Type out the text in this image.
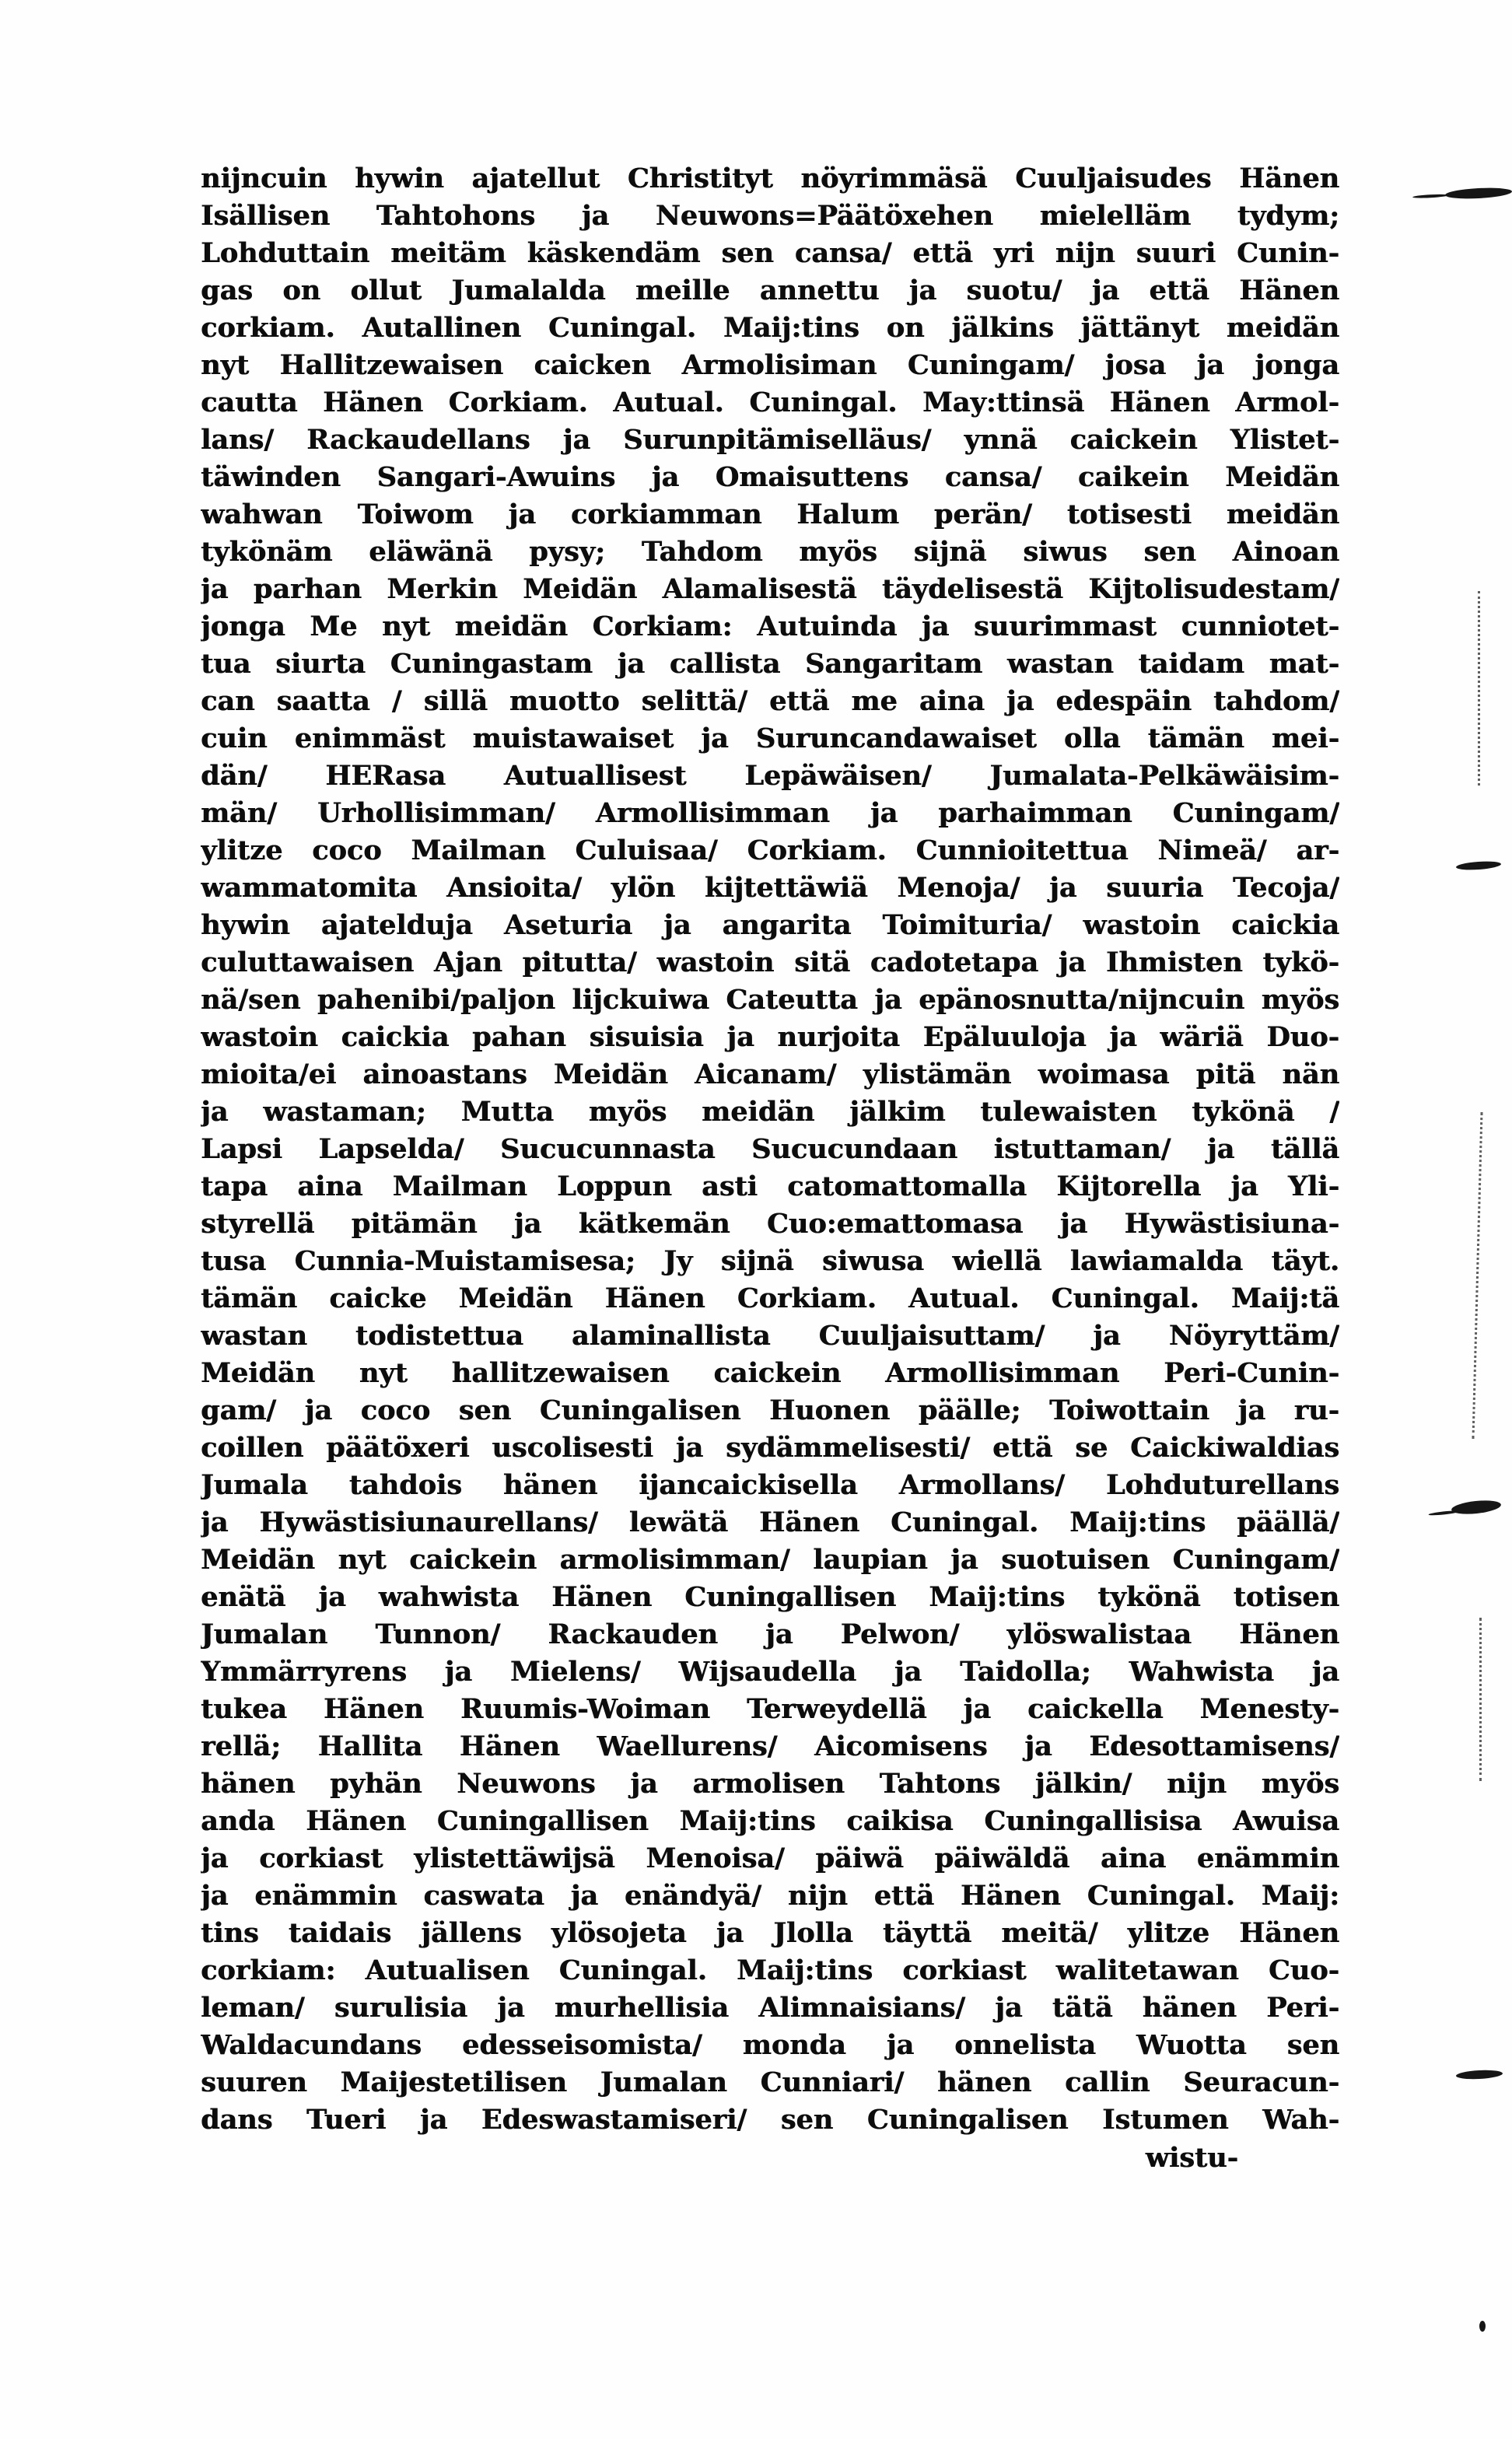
nijncuin hywin ajatellut Christityt nöyrimmäsä Cuuljaisudes Hänen
Isällisen Tahtohons ja Neuwons=Päätöxehen mielelläm tydym;
Lohduttain meitäm käskendäm sen cansa/ että yri nijn suuri Cunin-
gas on ollut Jumalalda meille annettu ja suotu/ ja että Hänen
corkiam. Autallinen Cuningal. Maij:tins on jälkins jättänyt meidän
nyt Hallitzewaisen caicken Armolisiman Cuningam/ josa ja jonga
cautta Hänen Corkiam. Autual. Cuningal. May:ttinsä Hänen Armol-
lans/ Rackaudellans ja Surunpitämiselläus/ ynnä caickein Ylistet-
täwinden Sangari-Awuins ja Omaisuttens cansa/ caikein Meidän
wahwan Toiwom ja corkiamman Halum perän/ totisesti meidän
tykönäm eläwänä pysy; Tahdom myös sijnä siwus sen Ainoan
ja parhan Merkin Meidän Alamalisestä täydelisestä Kijtolisudestam/
jonga Me nyt meidän Corkiam: Autuinda ja suurimmast cunniotet-
tua siurta Cuningastam ja callista Sangaritam wastan taidam mat-
can saatta / sillä muotto selittä/ että me aina ja edespäin tahdom/
cuin enimmäst muistawaiset ja Suruncandawaiset olla tämän mei-
dän/ HERasa Autuallisest Lepäwäisen/ Jumalata-Pelkäwäisim-
män/ Urhollisimman/ Armollisimman ja parhaimman Cuningam/
ylitze coco Mailman Culuisaa/ Corkiam. Cunnioitettua Nimeä/ ar-
wammatomita Ansioita/ ylön kijtettäwiä Menoja/ ja suuria Tecoja/
hywin ajatelduja Aseturia ja angarita Toimituria/ wastoin caickia
culuttawaisen Ajan pitutta/ wastoin sitä cadotetapa ja Ihmisten tykö-
nä/sen pahenibi/paljon lijckuiwa Cateutta ja epänosnutta/nijncuin myös
wastoin caickia pahan sisuisia ja nurjoita Epäluuloja ja wäriä Duo-
mioita/ei ainoastans Meidän Aicanam/ ylistämän woimasa pitä nän
ja wastaman; Mutta myös meidän jälkim tulewaisten tykönä /
Lapsi Lapselda/ Sucucunnasta Sucucundaan istuttaman/ ja tällä
tapa aina Mailman Loppun asti catomattomalla Kijtorella ja Yli-
styrellä pitämän ja kätkemän Cuo:emattomasa ja Hywästisiuna-
tusa Cunnia-Muistamisesa; Jy sijnä siwusa wiellä lawiamalda täyt.
tämän caicke Meidän Hänen Corkiam. Autual. Cuningal. Maij:tä
wastan todistettua alaminallista Cuuljaisuttam/ ja Nöyryttäm/
Meidän nyt hallitzewaisen caickein Armollisimman Peri-Cunin-
gam/ ja coco sen Cuningalisen Huonen päälle; Toiwottain ja ru-
coillen päätöxeri uscolisesti ja sydämmelisesti/ että se Caickiwaldias
Jumala tahdois hänen ijancaickisella Armollans/ Lohduturellans
ja Hywästisiunaurellans/ lewätä Hänen Cuningal. Maij:tins päällä/
Meidän nyt caickein armolisimman/ laupian ja suotuisen Cuningam/
enätä ja wahwista Hänen Cuningallisen Maij:tins tykönä totisen
Jumalan Tunnon/ Rackauden ja Pelwon/ ylöswalistaa Hänen
Ymmärryrens ja Mielens/ Wijsaudella ja Taidolla; Wahwista ja
tukea Hänen Ruumis-Woiman Terweydellä ja caickella Menesty-
rellä; Hallita Hänen Waellurens/ Aicomisens ja Edesottamisens/
hänen pyhän Neuwons ja armolisen Tahtons jälkin/ nijn myös
anda Hänen Cuningallisen Maij:tins caikisa Cuningallisisa Awuisa
ja corkiast ylistettäwijsä Menoisa/ päiwä päiwäldä aina enämmin
ja enämmin caswata ja enändyä/ nijn että Hänen Cuningal. Maij:
tins taidais jällens ylösojeta ja Jlolla täyttä meitä/ ylitze Hänen
corkiam: Autualisen Cuningal. Maij:tins corkiast walitetawan Cuo-
leman/ surulisia ja murhellisia Alimnaisians/ ja tätä hänen Peri-
Waldacundans edesseisomista/ monda ja onnelista Wuotta sen
suuren Maijestetilisen Jumalan Cunniari/ hänen callin Seuracun-
dans Tueri ja Edeswastamiseri/ sen Cuningalisen Istumen Wah-
wistu-
